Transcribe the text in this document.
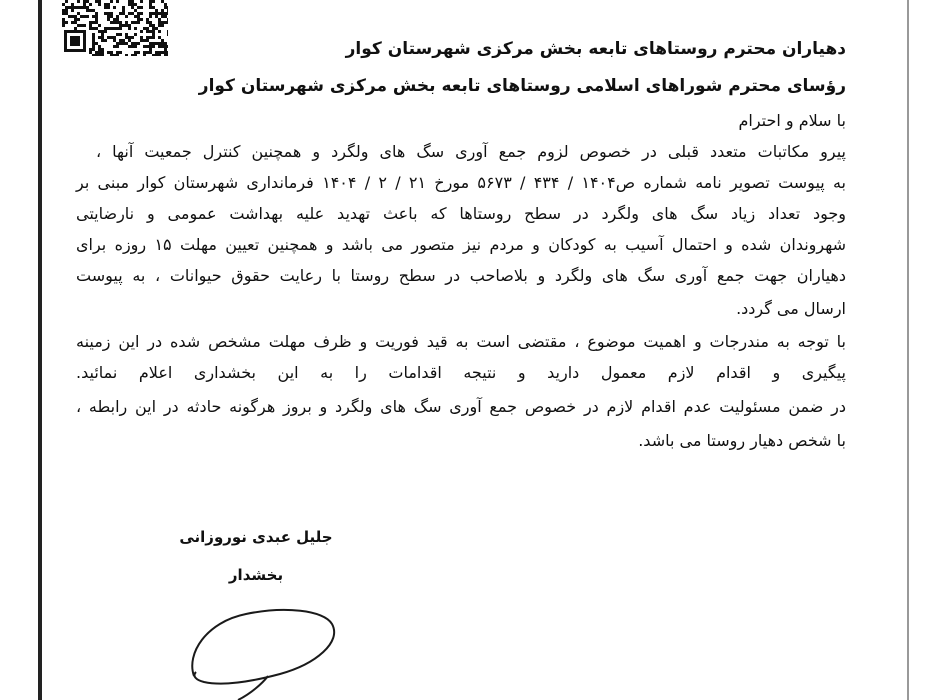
دهیاران محترم روستاهای تابعه بخش مرکزی شهرستان کوار
رؤسای محترم شوراهای اسلامی روستاهای تابعه بخش مرکزی شهرستان کوار
با سلام و احترام
پیرو مکاتبات متعدد قبلی در خصوص لزوم جمع آوری سگ های ولگرد و همچنین کنترل جمعیت آنها ،
به پیوست تصویر نامه شماره ص۱۴۰۴ / ۴۳۴ / ۵۶۷۳ مورخ ۲۱ / ۲ / ۱۴۰۴ فرمانداری شهرستان کوار مبنی بر
وجود تعداد زیاد سگ های ولگرد در سطح روستاها که باعث تهدید علیه بهداشت عمومی و نارضایتی
شهروندان شده و احتمال آسیب به کودکان و مردم نیز متصور می باشد و همچنین تعیین مهلت ۱۵ روزه برای
دهیاران جهت جمع آوری سگ های ولگرد و بلاصاحب در سطح روستا با رعایت حقوق حیوانات ، به پیوست
ارسال می گردد.
با توجه به مندرجات و اهمیت موضوع ، مقتضی است به قید فوریت و ظرف مهلت مشخص شده در این زمینه
پیگیری و اقدام لازم معمول دارید و نتیجه اقدامات را به این بخشداری اعلام نمائید.
در ضمن مسئولیت عدم اقدام لازم در خصوص جمع آوری سگ های ولگرد و بروز هرگونه حادثه در این رابطه ،
با شخص دهیار روستا می باشد.
جلیل عبدی نوروزانی
بخشدار
